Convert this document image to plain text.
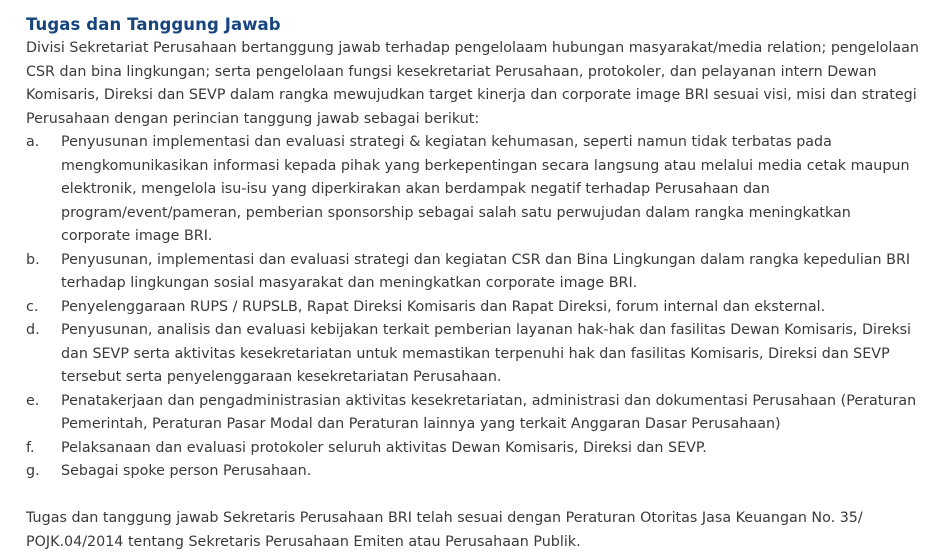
Tugas dan Tanggung Jawab

Divisi Sekretariat Perusahaan bertanggung jawab terhadap pengelolaam hubungan masyarakat/media relation; pengelolaan CSR dan bina lingkungan; serta pengelolaan fungsi kesekretariat Perusahaan, protokoler, dan pelayanan intern Dewan Komisaris, Direksi dan SEVP dalam rangka mewujudkan target kinerja dan corporate image BRI sesuai visi, misi dan strategi Perusahaan dengan perincian tanggung jawab sebagai berikut:

a.	Penyusunan implementasi dan evaluasi strategi & kegiatan kehumasan, seperti namun tidak terbatas pada mengkomunikasikan informasi kepada pihak yang berkepentingan secara langsung atau melalui media cetak maupun elektronik, mengelola isu-isu yang diperkirakan akan berdampak negatif terhadap Perusahaan dan program/event/pameran, pemberian sponsorship sebagai salah satu perwujudan dalam rangka meningkatkan corporate image BRI.
b.	Penyusunan, implementasi dan evaluasi strategi dan kegiatan CSR dan Bina Lingkungan dalam rangka kepedulian BRI terhadap lingkungan sosial masyarakat dan meningkatkan corporate image BRI.
c.	Penyelenggaraan RUPS / RUPSLB, Rapat Direksi Komisaris dan Rapat Direksi, forum internal dan eksternal.
d.	Penyusunan, analisis dan evaluasi kebijakan terkait pemberian layanan hak-hak dan fasilitas Dewan Komisaris, Direksi dan SEVP serta aktivitas kesekretariatan untuk memastikan terpenuhi hak dan fasilitas Komisaris, Direksi dan SEVP tersebut serta penyelenggaraan kesekretariatan Perusahaan.
e.	Penatakerjaan dan pengadministrasian aktivitas kesekretariatan, administrasi dan dokumentasi Perusahaan (Peraturan Pemerintah, Peraturan Pasar Modal dan Peraturan lainnya yang terkait Anggaran Dasar Perusahaan)
f.	Pelaksanaan dan evaluasi protokoler seluruh aktivitas Dewan Komisaris, Direksi dan SEVP.
g.	Sebagai spoke person Perusahaan.

Tugas dan tanggung jawab Sekretaris Perusahaan BRI telah sesuai dengan Peraturan Otoritas Jasa Keuangan No. 35/ POJK.04/2014 tentang Sekretaris Perusahaan Emiten atau Perusahaan Publik.
